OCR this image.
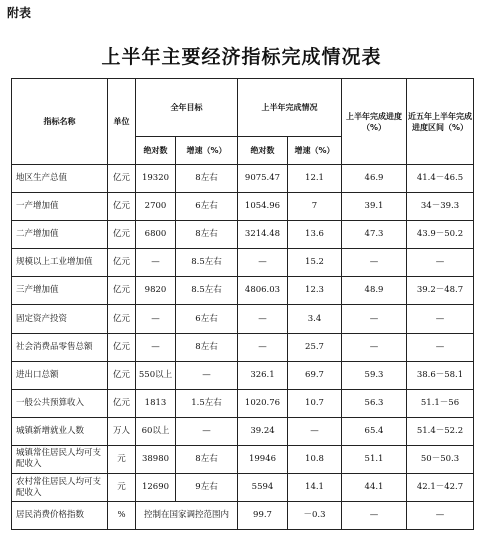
附表
上半年主要经济指标完成情况表
指标名称	单位	全年目标		上半年完成情况		上半年完成进度（%）	近五年上半年完成进度区间（%）
		绝对数	增速（%）	绝对数	增速（%）		
地区生产总值	亿元	19320	8左右	9075.47	12.1	46.9	41.4－46.5
一产增加值	亿元	2700	6左右	1054.96	7	39.1	34－39.3
二产增加值	亿元	6800	8左右	3214.48	13.6	47.3	43.9－50.2
规模以上工业增加值	亿元	—	8.5左右	—	15.2	—	—
三产增加值	亿元	9820	8.5左右	4806.03	12.3	48.9	39.2－48.7
固定资产投资	亿元	—	6左右	—	3.4	—	—
社会消费品零售总额	亿元	—	8左右	—	25.7	—	—
进出口总额	亿元	550以上	—	326.1	69.7	59.3	38.6－58.1
一般公共预算收入	亿元	1813	1.5左右	1020.76	10.7	56.3	51.1－56
城镇新增就业人数	万人	60以上	—	39.24	—	65.4	51.4－52.2
城镇常住居民人均可支配收入	元	38980	8左右	19946	10.8	51.1	50－50.3
农村常住居民人均可支配收入	元	12690	9左右	5594	14.1	44.1	42.1－42.7
居民消费价格指数	%	控制在国家调控范围内		99.7	－0.3	—	—
